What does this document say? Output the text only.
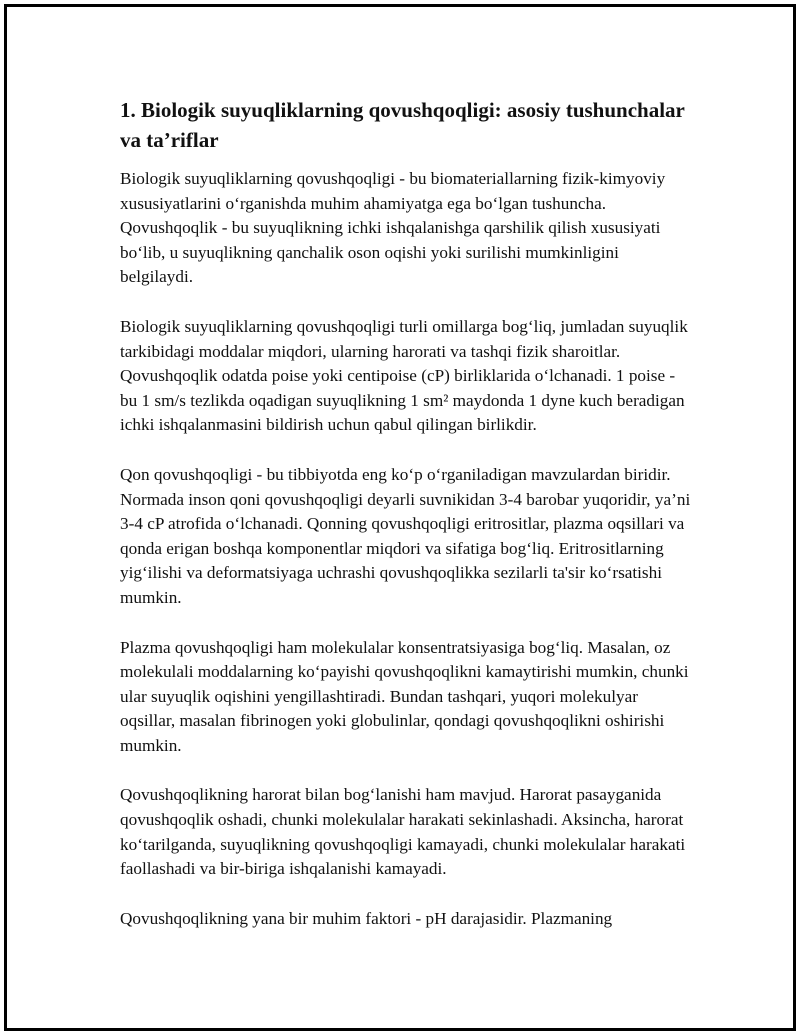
1. Biologik suyuqliklarning qovushqoqligi: asosiy tushunchalar va ta’riflar

Biologik suyuqliklarning qovushqoqligi - bu biomateriallarning fizik-kimyoviy xususiyatlarini o‘rganishda muhim ahamiyatga ega bo‘lgan tushuncha. Qovushqoqlik - bu suyuqlikning ichki ishqalanishga qarshilik qilish xususiyati bo‘lib, u suyuqlikning qanchalik oson oqishi yoki surilishi mumkinligini belgilaydi.

Biologik suyuqliklarning qovushqoqligi turli omillarga bog‘liq, jumladan suyuqlik tarkibidagi moddalar miqdori, ularning harorati va tashqi fizik sharoitlar. Qovushqoqlik odatda poise yoki centipoise (cP) birliklarida o‘lchanadi. 1 poise - bu 1 sm/s tezlikda oqadigan suyuqlikning 1 sm² maydonda 1 dyne kuch beradigan ichki ishqalanmasini bildirish uchun qabul qilingan birlikdir.

Qon qovushqoqligi - bu tibbiyotda eng ko‘p o‘rganiladigan mavzulardan biridir. Normada inson qoni qovushqoqligi deyarli suvnikidan 3-4 barobar yuqoridir, ya’ni 3-4 cP atrofida o‘lchanadi. Qonning qovushqoqligi eritrositlar, plazma oqsillari va qonda erigan boshqa komponentlar miqdori va sifatiga bog‘liq. Eritrositlarning yig‘ilishi va deformatsiyaga uchrashi qovushqoqlikka sezilarli ta'sir ko‘rsatishi mumkin.

Plazma qovushqoqligi ham molekulalar konsentratsiyasiga bog‘liq. Masalan, oz molekulali moddalarning ko‘payishi qovushqoqlikni kamaytirishi mumkin, chunki ular suyuqlik oqishini yengillashtiradi. Bundan tashqari, yuqori molekulyar oqsillar, masalan fibrinogen yoki globulinlar, qondagi qovushqoqlikni oshirishi mumkin.

Qovushqoqlikning harorat bilan bog‘lanishi ham mavjud. Harorat pasayganida qovushqoqlik oshadi, chunki molekulalar harakati sekinlashadi. Aksincha, harorat ko‘tarilganda, suyuqlikning qovushqoqligi kamayadi, chunki molekulalar harakati faollashadi va bir-biriga ishqalanishi kamayadi.

Qovushqoqlikning yana bir muhim faktori - pH darajasidir. Plazmaning
